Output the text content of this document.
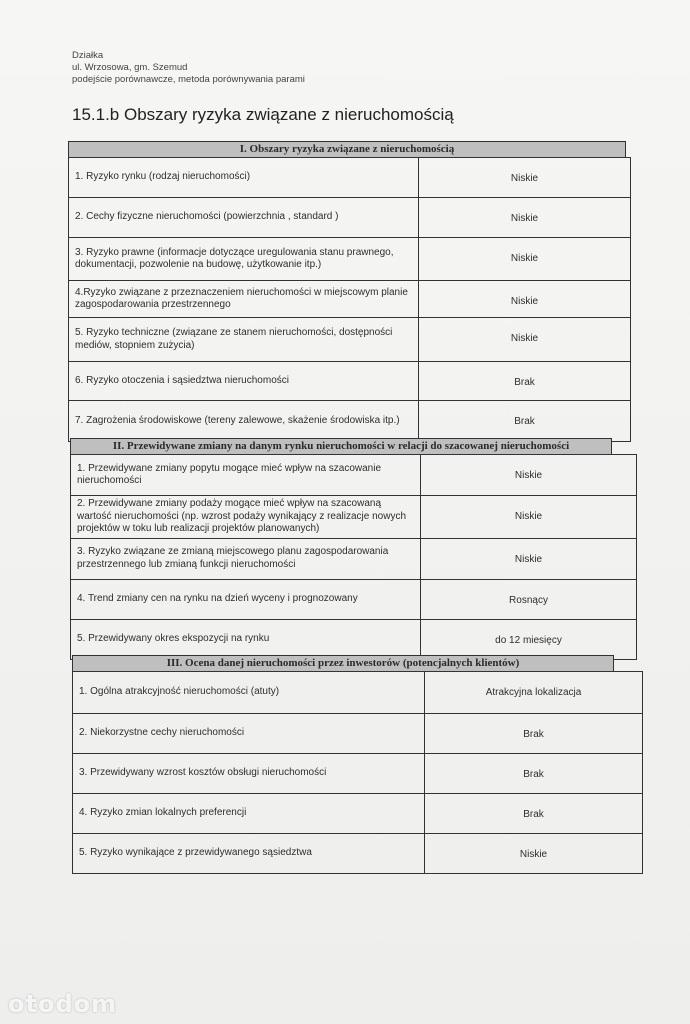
Działka
ul. Wrzosowa, gm. Szemud
podejście porównawcze, metoda porównywania parami
15.1.b Obszary ryzyka związane z nieruchomością
I. Obszary ryzyka związane z nieruchomością
1. Ryzyko rynku (rodzaj nieruchomości)	Niskie
2. Cechy fizyczne nieruchomości (powierzchnia , standard )	Niskie
3. Ryzyko prawne (informacje dotyczące uregulowania stanu prawnego, dokumentacji, pozwolenie na budowę, użytkowanie itp.)	Niskie
4.Ryzyko związane z przeznaczeniem nieruchomości w miejscowym planie zagospodarowania przestrzennego	Niskie
5. Ryzyko techniczne (związane ze stanem nieruchomości, dostępności mediów, stopniem zużycia)	Niskie
6. Ryzyko otoczenia i sąsiedztwa nieruchomości	Brak
7. Zagrożenia środowiskowe (tereny zalewowe, skażenie środowiska itp.)	Brak
II. Przewidywane zmiany na danym rynku nieruchomości w relacji do szacowanej nieruchomości
1. Przewidywane zmiany popytu mogące mieć wpływ na szacowanie nieruchomości	Niskie
2. Przewidywane zmiany podaży mogące mieć wpływ na szacowaną wartość nieruchomości (np. wzrost podaży wynikający z realizacje nowych projektów w toku lub realizacji projektów planowanych)	Niskie
3. Ryzyko związane ze zmianą miejscowego planu zagospodarowania przestrzennego lub zmianą funkcji nieruchomości	Niskie
4. Trend zmiany cen na rynku na dzień wyceny i prognozowany	Rosnący
5. Przewidywany okres ekspozycji na rynku	do 12 miesięcy
III. Ocena danej nieruchomości przez inwestorów (potencjalnych klientów)
1. Ogólna atrakcyjność nieruchomości (atuty)	Atrakcyjna lokalizacja
2. Niekorzystne cechy nieruchomości	Brak
3. Przewidywany wzrost kosztów obsługi nieruchomości	Brak
4. Ryzyko zmian lokalnych preferencji	Brak
5. Ryzyko wynikające z przewidywanego sąsiedztwa	Niskie
otodom
